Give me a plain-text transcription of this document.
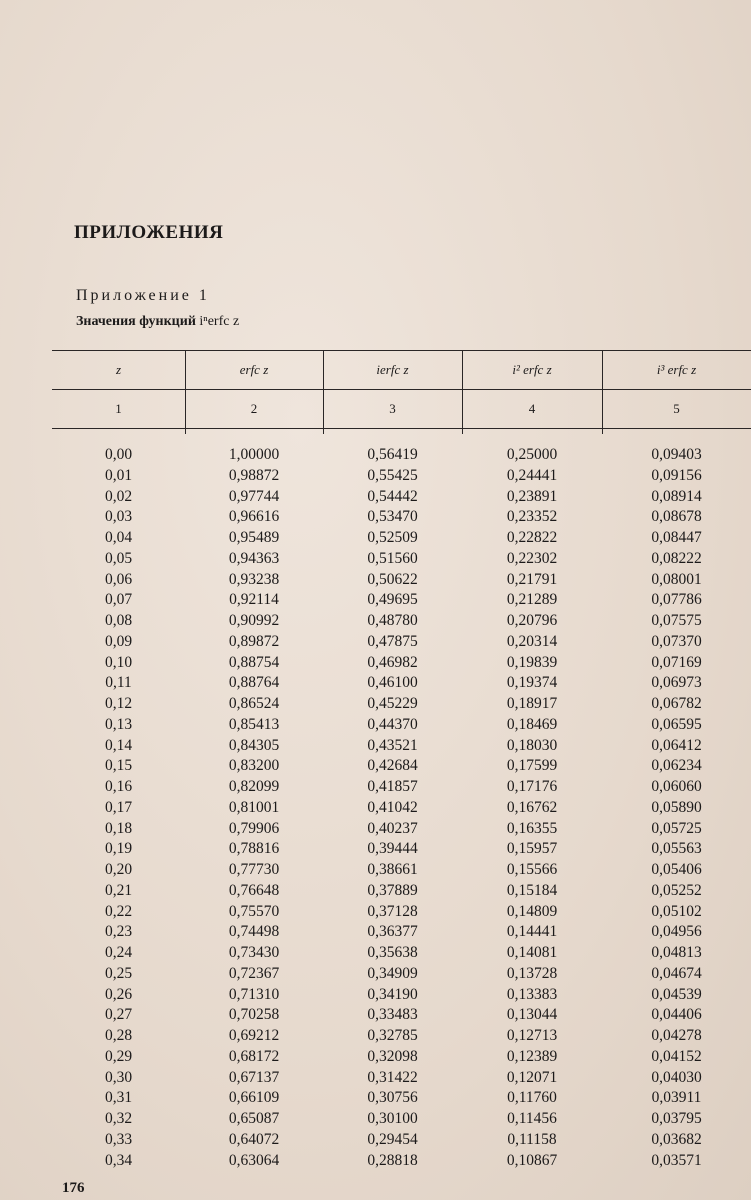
ПРИЛОЖЕНИЯ
Приложение 1
Значения функций iⁿerfc z
z	erfc z	ierfc z	i² erfc z	i³ erfc z
1	2	3	4	5
0,00	1,00000	0,56419	0,25000	0,09403
0,01	0,98872	0,55425	0,24441	0,09156
0,02	0,97744	0,54442	0,23891	0,08914
0,03	0,96616	0,53470	0,23352	0,08678
0,04	0,95489	0,52509	0,22822	0,08447
0,05	0,94363	0,51560	0,22302	0,08222
0,06	0,93238	0,50622	0,21791	0,08001
0,07	0,92114	0,49695	0,21289	0,07786
0,08	0,90992	0,48780	0,20796	0,07575
0,09	0,89872	0,47875	0,20314	0,07370
0,10	0,88754	0,46982	0,19839	0,07169
0,11	0,88764	0,46100	0,19374	0,06973
0,12	0,86524	0,45229	0,18917	0,06782
0,13	0,85413	0,44370	0,18469	0,06595
0,14	0,84305	0,43521	0,18030	0,06412
0,15	0,83200	0,42684	0,17599	0,06234
0,16	0,82099	0,41857	0,17176	0,06060
0,17	0,81001	0,41042	0,16762	0,05890
0,18	0,79906	0,40237	0,16355	0,05725
0,19	0,78816	0,39444	0,15957	0,05563
0,20	0,77730	0,38661	0,15566	0,05406
0,21	0,76648	0,37889	0,15184	0,05252
0,22	0,75570	0,37128	0,14809	0,05102
0,23	0,74498	0,36377	0,14441	0,04956
0,24	0,73430	0,35638	0,14081	0,04813
0,25	0,72367	0,34909	0,13728	0,04674
0,26	0,71310	0,34190	0,13383	0,04539
0,27	0,70258	0,33483	0,13044	0,04406
0,28	0,69212	0,32785	0,12713	0,04278
0,29	0,68172	0,32098	0,12389	0,04152
0,30	0,67137	0,31422	0,12071	0,04030
0,31	0,66109	0,30756	0,11760	0,03911
0,32	0,65087	0,30100	0,11456	0,03795
0,33	0,64072	0,29454	0,11158	0,03682
0,34	0,63064	0,28818	0,10867	0,03571
176
